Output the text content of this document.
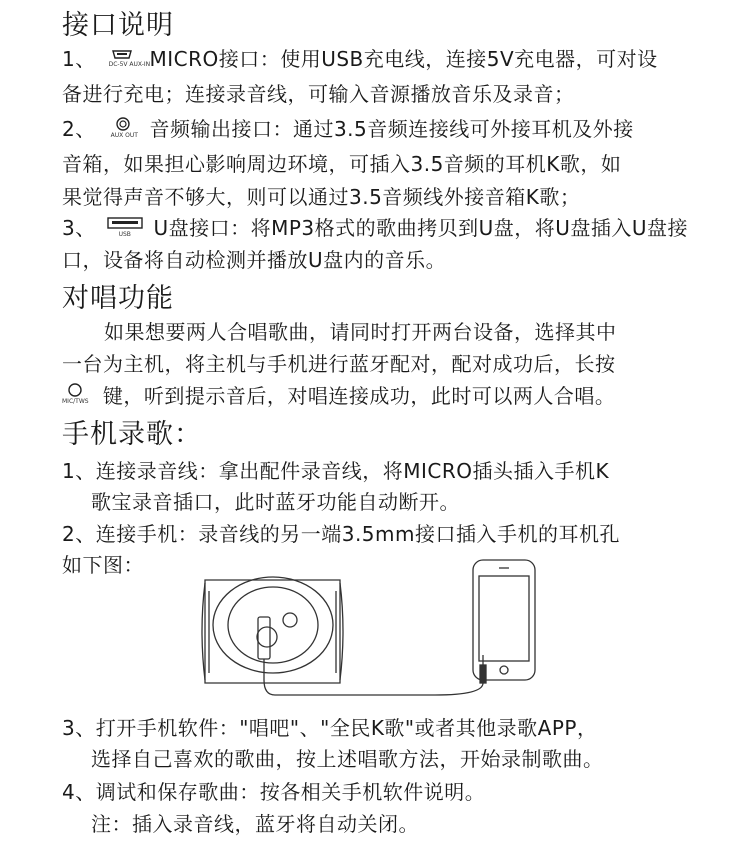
接口说明
1、 DC-5V AUX-IN MICRO接口：使用USB充电线，连接5V充电器，可对设
备进行充电；连接录音线，可输入音源播放音乐及录音；
2、 AUX OUT 音频输出接口：通过3.5音频连接线可外接耳机及外接
音箱，如果担心影响周边环境，可插入3.5音频的耳机K歌，如
果觉得声音不够大，则可以通过3.5音频线外接音箱K歌；
3、	USB U盘接口：将MP3格式的歌曲拷贝到U盘，将U盘插入U盘接
口，设备将自动检测并播放U盘内的音乐。
对唱功能
如果想要两人合唱歌曲，请同时打开两台设备，选择其中
一台为主机，将主机与手机进行蓝牙配对，配对成功后，长按
MIC/TWS 键，听到提示音后，对唱连接成功，此时可以两人合唱。
手机录歌：
1、连接录音线：拿出配件录音线，将MICRO插头插入手机K
歌宝录音插口，此时蓝牙功能自动断开。
2、连接手机：录音线的另一端3.5mm接口插入手机的耳机孔
如下图：
3、打开手机软件："唱吧"、"全民K歌"或者其他录歌APP，
选择自己喜欢的歌曲，按上述唱歌方法，开始录制歌曲。
4、调试和保存歌曲：按各相关手机软件说明。
注：插入录音线，蓝牙将自动关闭。
